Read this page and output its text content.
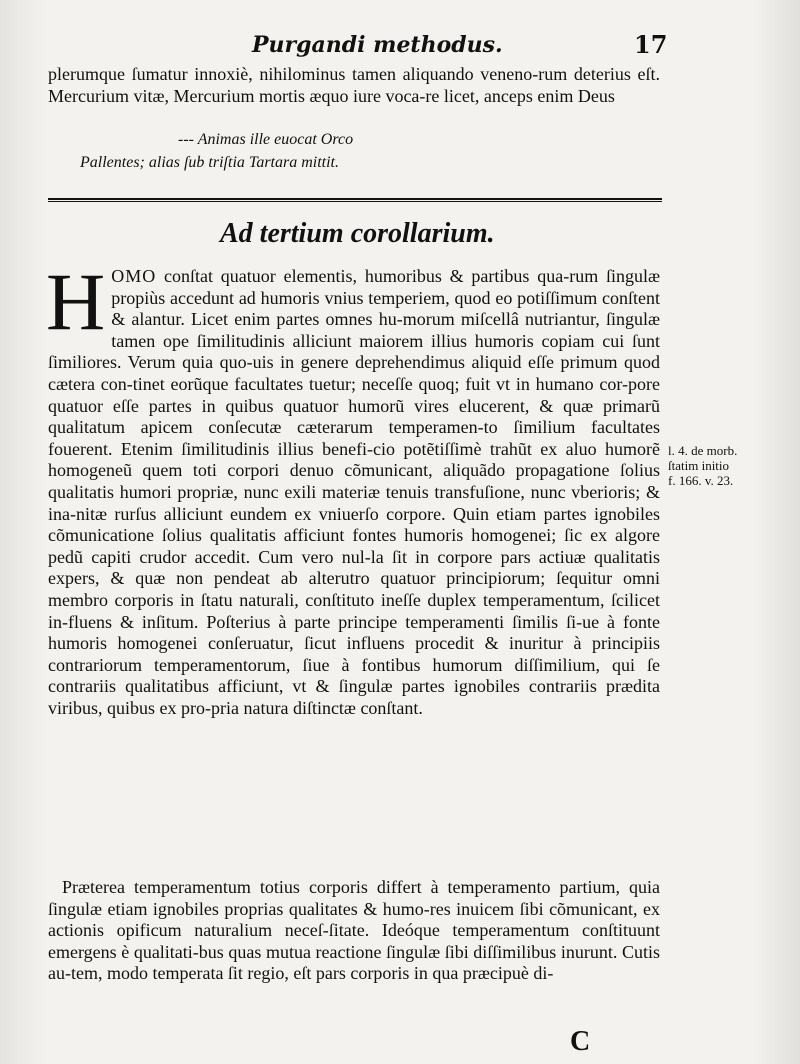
Purgandi methodus.	17
plerumque ſumatur innoxiè, nihilominus tamen aliquando veneno-rum deterius eſt. Mercurium vitæ, Mercurium mortis æquo iure voca-re licet, anceps enim Deus
--- Animas ille euocat Orco
Pallentes; alias ſub triſtia Tartara mittit.
Ad tertium corollarium.
HOMO conſtat quatuor elementis, humoribus & partibus qua-rum ſingulæ propiùs accedunt ad humoris vnius temperiem, quod eo potiſſimum conſtent & alantur. Licet enim partes omnes hu-morum miſcellâ nutriantur, ſingulæ tamen ope ſimilitudinis alliciunt maiorem illius humoris copiam cui ſunt ſimiliores. Verum quia quo-uis in genere deprehendimus aliquid eſſe primum quod cætera con-tinet eorũque facultates tuetur; neceſſe quoq; fuit vt in humano cor-pore quatuor eſſe partes in quibus quatuor humorũ vires elucerent, & quæ primarũ qualitatum apicem conſecutæ cæterarum temperamen-to ſimilium facultates fouerent. Etenim ſimilitudinis illius benefi-cio potẽtiſſimè trahũt ex aluo humorẽ homogeneũ quem toti corpori denuo cõmunicant, aliquãdo propagatione ſolius qualitatis humori propriæ, nunc exili materiæ tenuis transfuſione, nunc vberioris; & ina-nitæ rurſus alliciunt eundem ex vniuerſo corpore. Quin etiam partes ignobiles cõmunicatione ſolius qualitatis afficiunt fontes humoris homogenei; ſic ex algore pedũ capiti crudor accedit. Cum vero nul-la ſit in corpore pars actiuæ qualitatis expers, & quæ non pendeat ab alterutro quatuor principiorum; ſequitur omni membro corporis in ſtatu naturali, conſtituto ineſſe duplex temperamentum, ſcilicet in-fluens & inſitum. Poſterius à parte principe temperamenti ſimilis ſi-ue à fonte humoris homogenei conſeruatur, ſicut influens procedit & inuritur à principiis contrariorum temperamentorum, ſiue à fontibus humorum diſſimilium, qui ſe contrariis qualitatibus afficiunt, vt & ſingulæ partes ignobiles contrariis prædita viribus, quibus ex pro-pria natura diſtinctæ conſtant.
Præterea temperamentum totius corporis differt à temperamento partium, quia ſingulæ etiam ignobiles proprias qualitates & humo-res inuicem ſibi cõmunicant, ex actionis opificum naturalium neceſ-ſitate. Ideóque temperamentum conſtituunt emergens è qualitati-bus quas mutua reactione ſingulæ ſibi diſſimilibus inurunt. Cutis au-tem, modo temperata ſit regio, eſt pars corporis in qua præcipuè di-
l. 4. de morb.
ſtatim initio
f. 166. v. 23.
C
